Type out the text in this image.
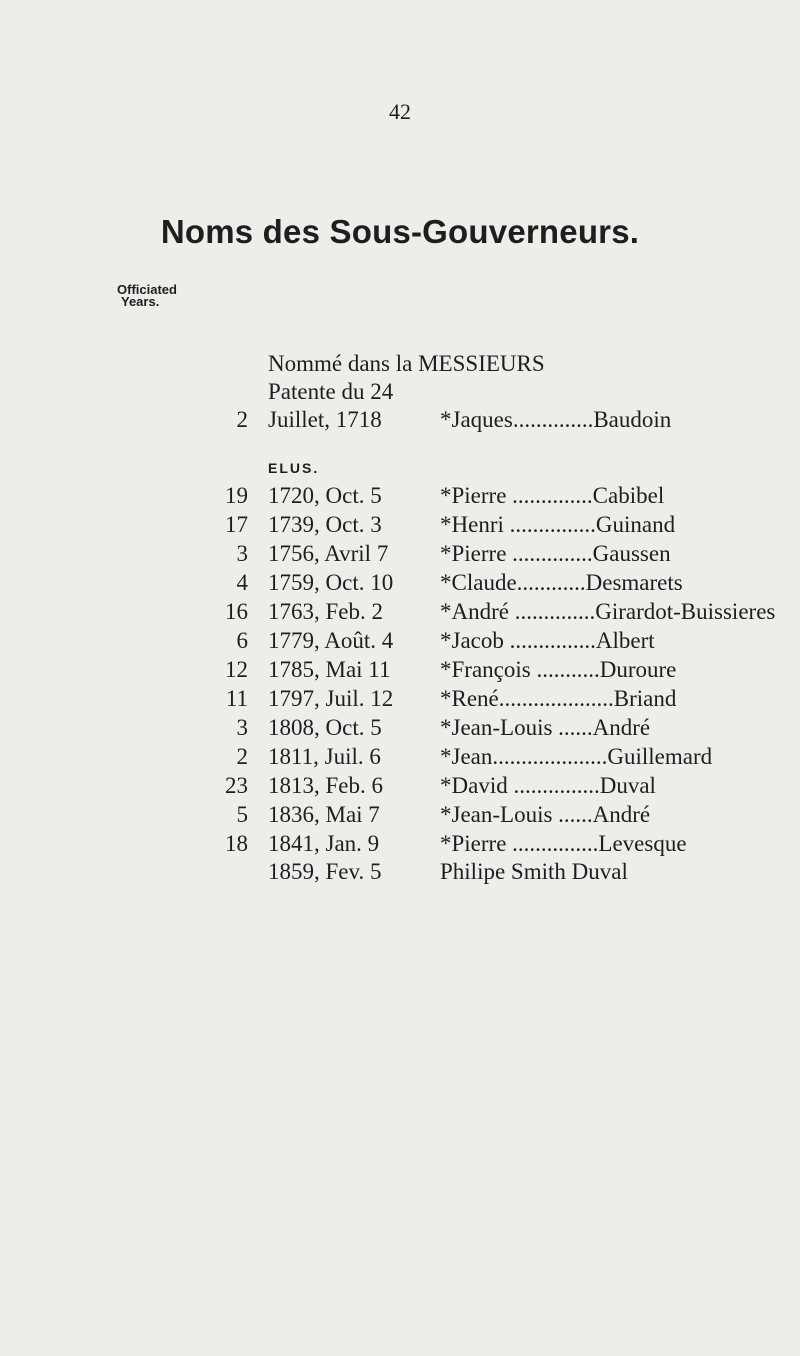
42
Noms des Sous-Gouverneurs.
Officiated
Years.
Nommé dans la MESSIEURS
Patente du 24
2 Juillet, 1718	*Jaques..............Baudoin
ELUS.
19 1720, Oct. 5	*Pierre ..............Cabibel
17 1739, Oct. 3	*Henri ...............Guinand
3 1756, Avril 7 *Pierre ..............Gaussen
4 1759, Oct. 10 *Claude............Desmarets
16 1763, Feb. 2 *André ..............Girardot-Buissieres
6 1779, Août. 4 *Jacob ...............Albert
12 1785, Mai 11 *François ...........Duroure
11 1797, Juil. 12 *René....................Briand
3 1808, Oct. 5	*Jean-Louis ......André
2 1811, Juil. 6	*Jean....................Guillemard
23 1813, Feb. 6 *David ...............Duval
5 1836, Mai 7	*Jean-Louis ......André
18 1841, Jan. 9	*Pierre ...............Levesque
1859, Fev. 5	Philipe Smith Duval
